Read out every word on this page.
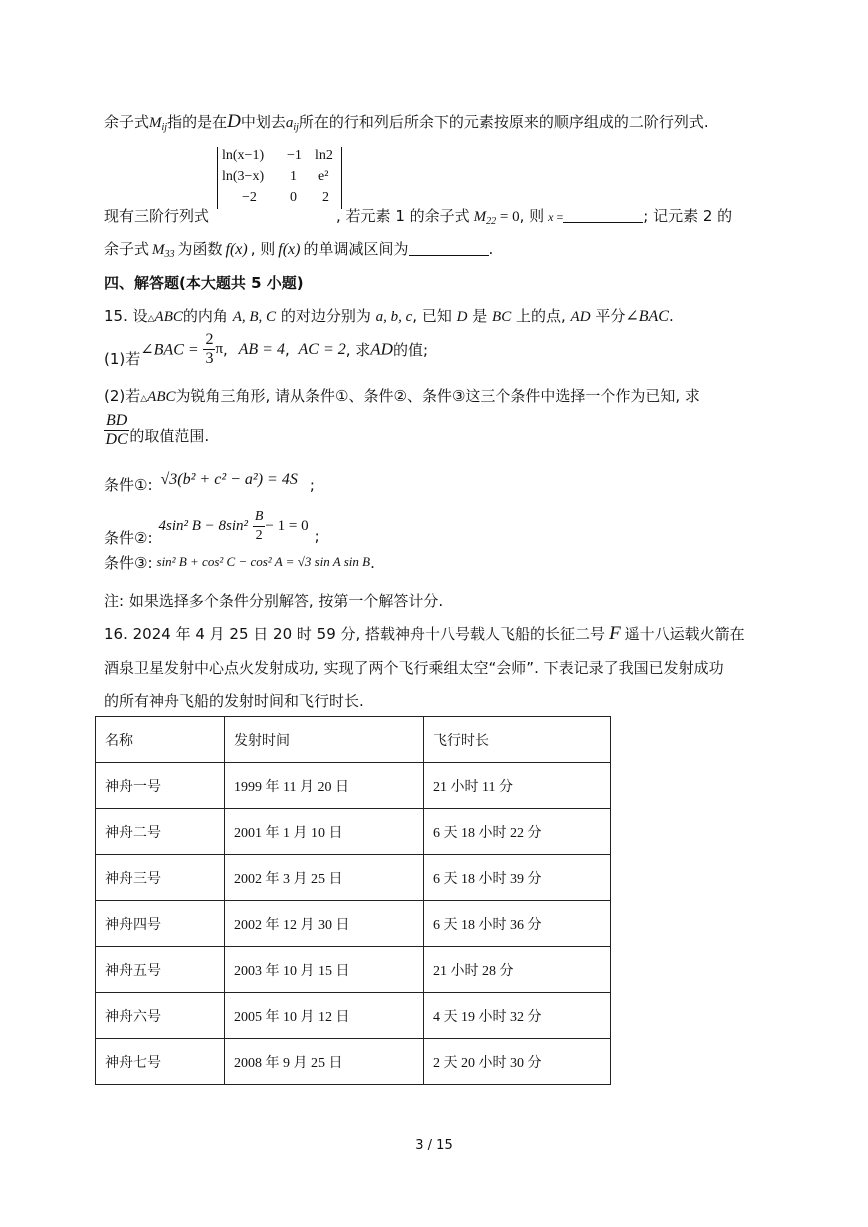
余子式$M_{ij}$指的是在D中划去$a_{ij}$所在的行和列后所余下的元素按原来的顺序组成的二阶行列式.
ln(x−1) −1 ln2
ln(3−x) 1 e²
−2 0 2
现有三阶行列式	, 若元素 1 的余子式 $M_{22} = 0$, 则 x =	; 记元素 2 的
余子式 $M_{33}$ 为函数 f(x) , 则 f(x) 的单调减区间为	.
四、解答题(本大题共 5 小题)
15. 设△ABC的内角 A, B, C 的对边分别为 a, b, c, 已知 D 是 BC 上的点, AD 平分∠BAC.
(1)若∠BAC = $\frac{2}{3} \pi$, AB = 4, AC = 2, 求AD的值;
(2)若△ABC为锐角三角形, 请从条件①、条件②、条件③这三个条件中选择一个作为已知, 求
$\frac{BD}{DC}$ 的取值范围.
条件①: √3(b² + c² − a²) = 4S ;
条件②:4sin² $B - 8\sin^2 \frac{B}{2} - 1 = 0$;
条件③: sin² B + cos² C − cos² A = √3 sin A sin B.
注: 如果选择多个条件分别解答, 按第一个解答计分.
16. 2024 年 4 月 25 日 20 时 59 分, 搭载神舟十八号载人飞船的长征二号 F 遥十八运载火箭在
酒泉卫星发射中心点火发射成功, 实现了两个飞行乘组太空“会师”. 下表记录了我国已发射成功
的所有神舟飞船的发射时间和飞行时长.
名称	发射时间	飞行时长
神舟一号	1999 年 11 月 20 日	21 小时 11 分
神舟二号	2001 年 1 月 10 日	6 天 18 小时 22 分
神舟三号	2002 年 3 月 25 日	6 天 18 小时 39 分
神舟四号	2002 年 12 月 30 日	6 天 18 小时 36 分
神舟五号	2003 年 10 月 15 日	21 小时 28 分
神舟六号	2005 年 10 月 12 日	4 天 19 小时 32 分
神舟七号	2008 年 9 月 25 日	2 天 20 小时 30 分
3 / 15
